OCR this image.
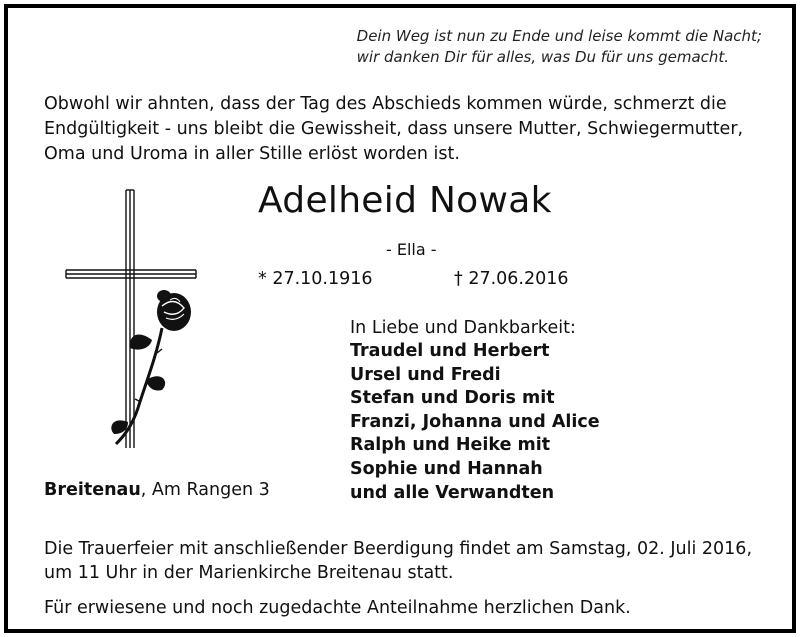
Dein Weg ist nun zu Ende und leise kommt die Nacht;
wir danken Dir für alles, was Du für uns gemacht.
Obwohl wir ahnten, dass der Tag des Abschieds kommen würde, schmerzt die
Endgültigkeit - uns bleibt die Gewissheit, dass unsere Mutter, Schwiegermutter,
Oma und Uroma in aller Stille erlöst worden ist.
Adelheid Nowak
- Ella -
* 27.10.1916	† 27.06.2016
In Liebe und Dankbarkeit:
Traudel und Herbert
Ursel und Fredi
Stefan und Doris mit
Franzi, Johanna und Alice
Ralph und Heike mit
Sophie und Hannah
und alle Verwandten
Breitenau, Am Rangen 3
Die Trauerfeier mit anschließender Beerdigung findet am Samstag, 02. Juli 2016,
um 11 Uhr in der Marienkirche Breitenau statt.
Für erwiesene und noch zugedachte Anteilnahme herzlichen Dank.
